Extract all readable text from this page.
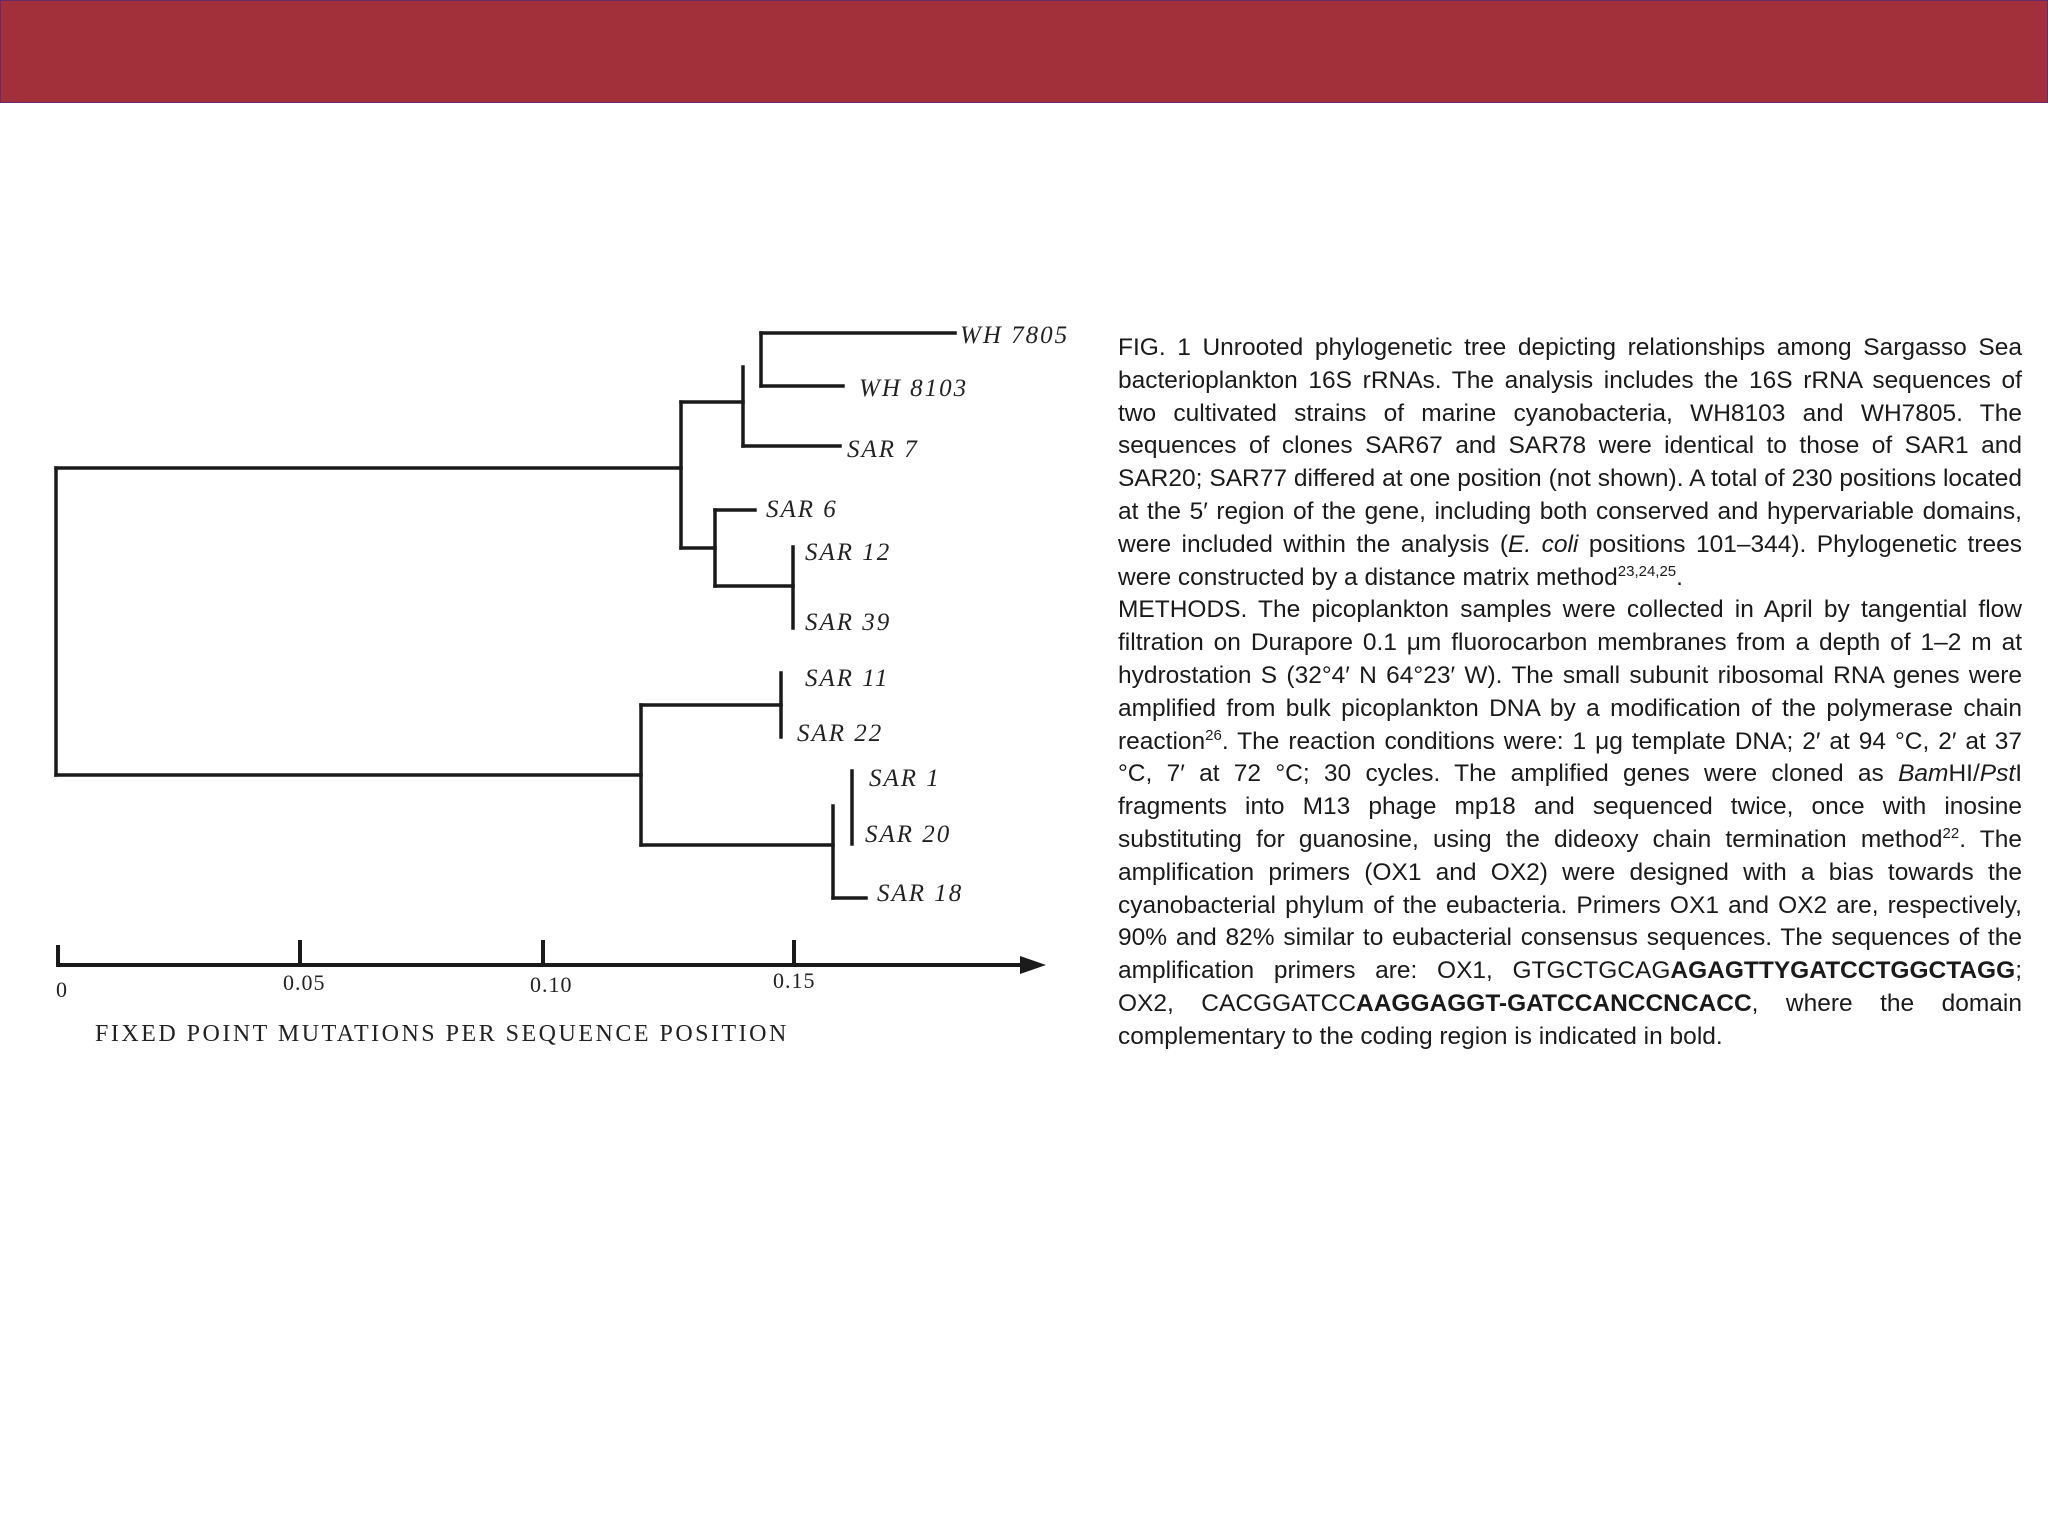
WH 7805
WH 8103
SAR 7
SAR 6
SAR 12
SAR 39
SAR 11
SAR 22
SAR 1
SAR 20
SAR 18
0	0.05	0.10	0.15
FIXED POINT MUTATIONS PER SEQUENCE POSITION

FIG. 1 Unrooted phylogenetic tree depicting relationships among Sargasso Sea bacterioplankton 16S rRNAs. The analysis includes the 16S rRNA sequences of two cultivated strains of marine cyanobacteria, WH8103 and WH7805. The sequences of clones SAR67 and SAR78 were identical to those of SAR1 and SAR20; SAR77 differed at one position (not shown). A total of 230 positions located at the 5′ region of the gene, including both conserved and hypervariable domains, were included within the analysis (E. coli positions 101–344). Phylogenetic trees were constructed by a distance matrix method$^{23,24,25}$.

METHODS. The picoplankton samples were collected in April by tangential flow filtration on Durapore 0.1 μm fluorocarbon membranes from a depth of 1–2 m at hydrostation S (32°4′ N 64°23′ W). The small subunit ribosomal RNA genes were amplified from bulk picoplankton DNA by a modification of the polymerase chain reaction$^{26}$. The reaction conditions were: 1 μg template DNA; 2′ at 94 °C, 2′ at 37 °C, 7′ at 72 °C; 30 cycles. The amplified genes were cloned as BamHI/PstI fragments into M13 phage mp18 and sequenced twice, once with inosine substituting for guanosine, using the dideoxy chain termination method$^{22}$. The amplification primers (OX1 and OX2) were designed with a bias towards the cyanobacterial phylum of the eubacteria. Primers OX1 and OX2 are, respectively, 90% and 82% similar to eubacterial consensus sequences. The sequences of the amplification primers are: OX1, GTGCTGCAGAGAGTTYGATCCTGGCTAGG; OX2, CACGGATCCAAGGAGGT-GATCCANCCNCACC, where the domain complementary to the coding region is indicated in bold.
